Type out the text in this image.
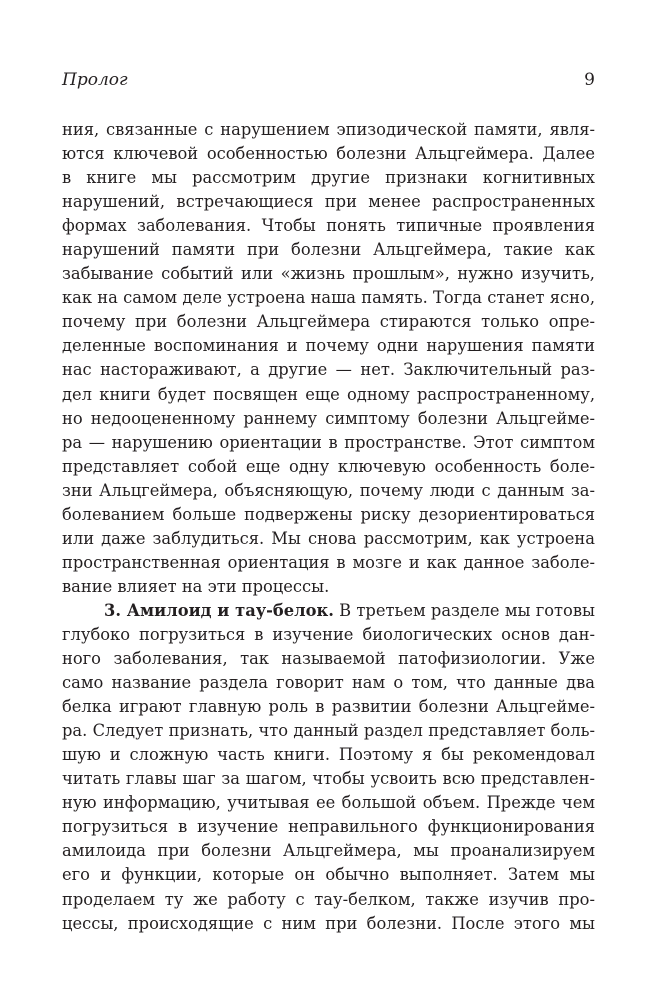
Пролог	9
ния, связанные с нарушением эпизодической памяти, явля-
ются ключевой особенностью болезни Альцгеймера. Далее
в книге мы рассмотрим другие признаки когнитивных
нарушений, встречающиеся при менее распространенных
формах заболевания. Чтобы понять типичные проявления
нарушений памяти при болезни Альцгеймера, такие как
забывание событий или «жизнь прошлым», нужно изучить,
как на самом деле устроена наша память. Тогда станет ясно,
почему при болезни Альцгеймера стираются только опре-
деленные воспоминания и почему одни нарушения памяти
нас настораживают, а другие — нет. Заключительный раз-
дел книги будет посвящен еще одному распространенному,
но недооцененному раннему симптому болезни Альцгейме-
ра — нарушению ориентации в пространстве. Этот симптом
представляет собой еще одну ключевую особенность боле-
зни Альцгеймера, объясняющую, почему люди с данным за-
болеванием больше подвержены риску дезориентироваться
или даже заблудиться. Мы снова рассмотрим, как устроена
пространственная ориентация в мозге и как данное заболе-
вание влияет на эти процессы.
3. Амилоид и тау-белок. В третьем разделе мы готовы
глубоко погрузиться в изучение биологических основ дан-
ного заболевания, так называемой патофизиологии. Уже
само название раздела говорит нам о том, что данные два
белка играют главную роль в развитии болезни Альцгейме-
ра. Следует признать, что данный раздел представляет боль-
шую и сложную часть книги. Поэтому я бы рекомендовал
читать главы шаг за шагом, чтобы усвоить всю представлен-
ную информацию, учитывая ее большой объем. Прежде чем
погрузиться в изучение неправильного функционирования
амилоида при болезни Альцгеймера, мы проанализируем
его и функции, которые он обычно выполняет. Затем мы
проделаем ту же работу с тау-белком, также изучив про-
цессы, происходящие с ним при болезни. После этого мы
